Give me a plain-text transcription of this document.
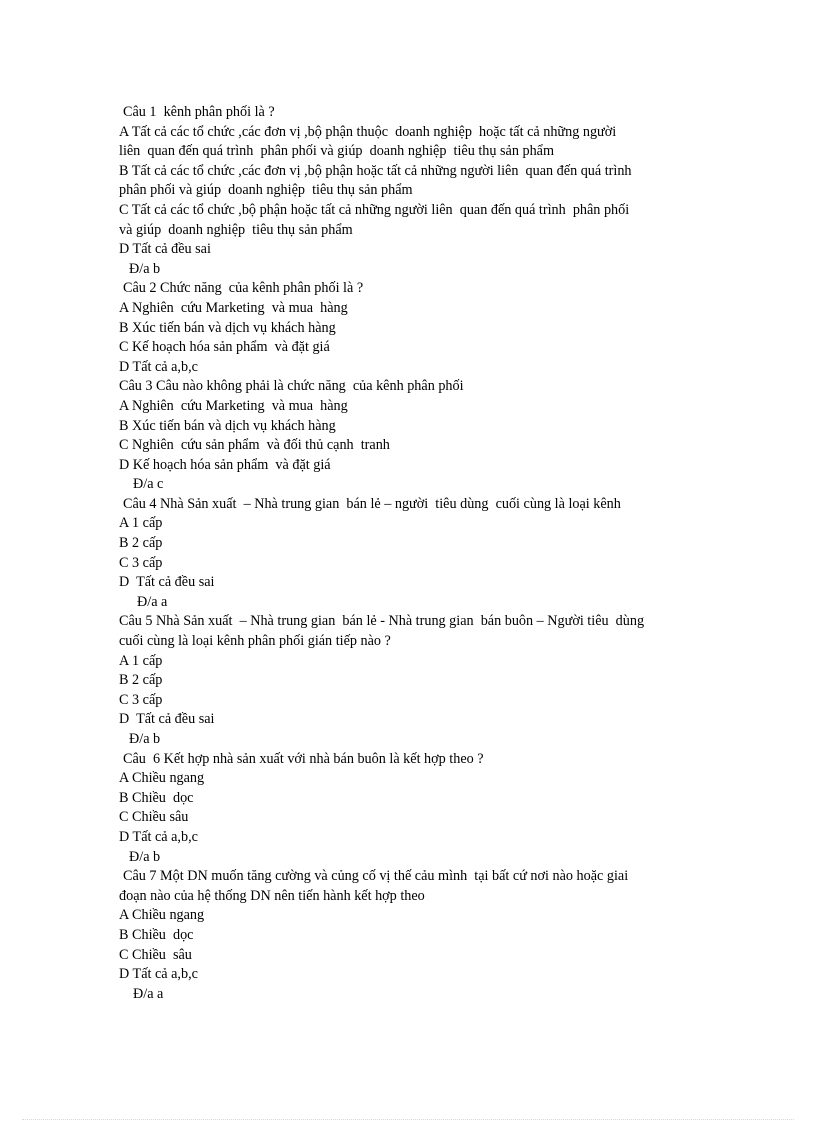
Câu 1  kênh phân phối là ?
A Tất cả các tổ chức ,các đơn vị ,bộ phận thuộc  doanh nghiệp  hoặc tất cả những người
liên  quan đến quá trình  phân phối và giúp  doanh nghiệp  tiêu thụ sản phẩm
B Tất cả các tổ chức ,các đơn vị ,bộ phận hoặc tất cả những người liên  quan đến quá trình
phân phối và giúp  doanh nghiệp  tiêu thụ sản phẩm
C Tất cả các tổ chức ,bộ phận hoặc tất cả những người liên  quan đến quá trình  phân phối
và giúp  doanh nghiệp  tiêu thụ sản phẩm
D Tất cả đều sai
Đ/a b
Câu 2 Chức năng  của kênh phân phối là ?
A Nghiên  cứu Marketing  và mua  hàng
B Xúc tiến bán và dịch vụ khách hàng
C Kế hoạch hóa sản phẩm  và đặt giá
D Tất cả a,b,c
Câu 3 Câu nào không phải là chức năng  của kênh phân phối
A Nghiên  cứu Marketing  và mua  hàng
B Xúc tiến bán và dịch vụ khách hàng
C Nghiên  cứu sản phẩm  và đối thủ cạnh  tranh
D Kế hoạch hóa sản phẩm  và đặt giá
Đ/a c
Câu 4 Nhà Sản xuất  – Nhà trung gian  bán lẻ – người  tiêu dùng  cuối cùng là loại kênh
A 1 cấp
B 2 cấp
C 3 cấp
D  Tất cả đều sai
Đ/a a
Câu 5 Nhà Sản xuất  – Nhà trung gian  bán lẻ - Nhà trung gian  bán buôn – Người tiêu  dùng
cuối cùng là loại kênh phân phối gián tiếp nào ?
A 1 cấp
B 2 cấp
C 3 cấp
D  Tất cả đều sai
Đ/a b
Câu  6 Kết hợp nhà sản xuất với nhà bán buôn là kết hợp theo ?
A Chiều ngang
B Chiều  dọc
C Chiều sâu
D Tất cả a,b,c
Đ/a b
Câu 7 Một DN muốn tăng cường và củng cố vị thế cảu mình  tại bất cứ nơi nào hoặc giai
đoạn nào của hệ thống DN nên tiến hành kết hợp theo
A Chiều ngang
B Chiều  dọc
C Chiều  sâu
D Tất cả a,b,c
Đ/a a
